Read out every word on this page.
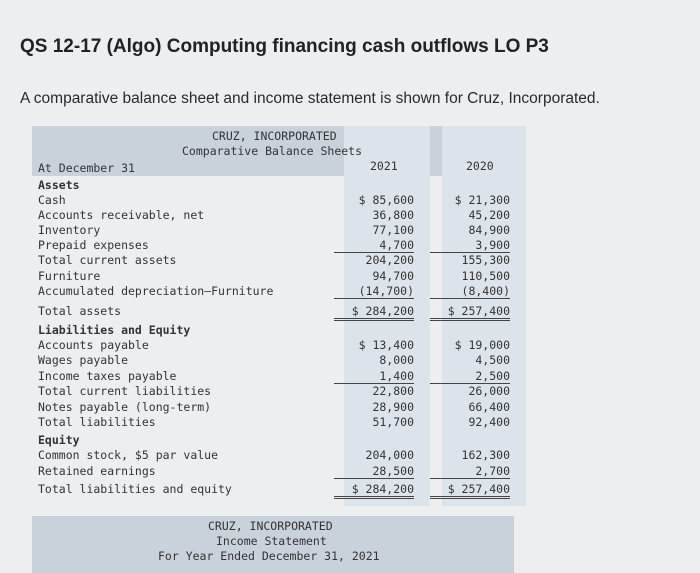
QS 12-17 (Algo) Computing financing cash outflows LO P3
A comparative balance sheet and income statement is shown for Cruz, Incorporated.
CRUZ, INCORPORATED
Comparative Balance Sheets
At December 31	2021	2020
Assets
Cash	$ 85,600	$ 21,300
Accounts receivable, net	36,800	45,200
Inventory	77,100	84,900
Prepaid expenses	4,700	3,900
Total current assets	204,200	155,300
Furniture	94,700	110,500
Accumulated depreciation—Furniture	(14,700)	(8,400)
Total assets	$ 284,200	$ 257,400
Liabilities and Equity
Accounts payable	$ 13,400	$ 19,000
Wages payable	8,000	4,500
Income taxes payable	1,400	2,500
Total current liabilities	22,800	26,000
Notes payable (long-term)	28,900	66,400
Total liabilities	51,700	92,400
Equity
Common stock, $5 par value	204,000	162,300
Retained earnings	28,500	2,700
Total liabilities and equity	$ 284,200	$ 257,400
CRUZ, INCORPORATED
Income Statement
For Year Ended December 31, 2021
